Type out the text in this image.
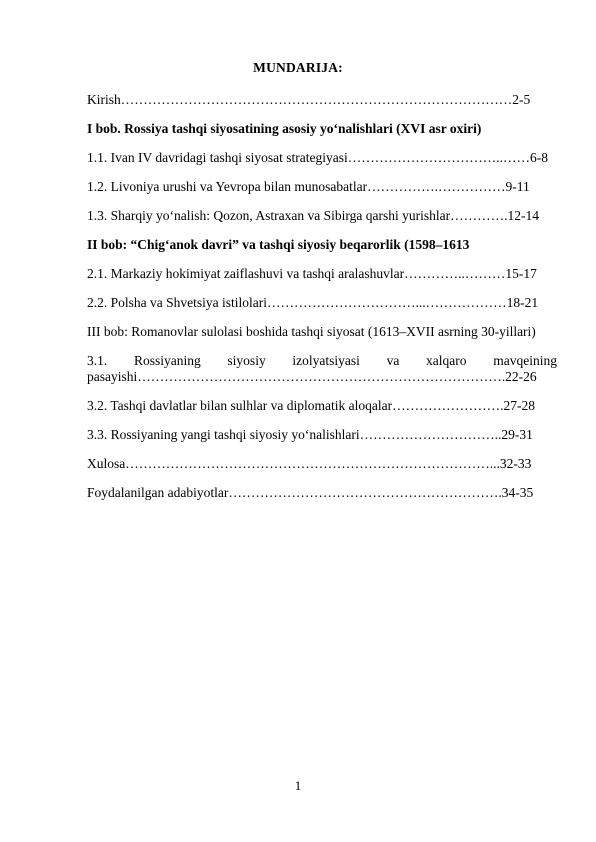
MUNDARIJA:
Kirish……………………………………………………………………………2-5
I bob. Rossiya tashqi siyosatining asosiy yo‘nalishlari (XVI asr oxiri)
1.1. Ivan IV davridagi tashqi siyosat strategiyasi……………………………..……6-8
1.2. Livoniya urushi va Yevropa bilan munosabatlar…………….……………9-11
1.3. Sharqiy yo‘nalish: Qozon, Astraxan va Sibirga qarshi yurishlar………….12-14
II bob: “Chig‘anok davri” va tashqi siyosiy beqarorlik (1598–1613
2.1. Markaziy hokimiyat zaiflashuvi va tashqi aralashuvlar…………..………15-17
2.2. Polsha va Shvetsiya istilolari……………………………...………………18-21
III bob: Romanovlar sulolasi boshida tashqi siyosat (1613–XVII asrning 30-yillari)
3.1. Rossiyaning siyosiy izolyatsiyasi va xalqaro mavqeining
pasayishi……………………………………………………………………….22-26
3.2. Tashqi davlatlar bilan sulhlar va diplomatik aloqalar…………………….27-28
3.3. Rossiyaning yangi tashqi siyosiy yo‘nalishlari…………………………..29-31
Xulosa………………………………………………………………………...32-33
Foydalanilgan adabiyotlar…………………………………………………….34-35
1
